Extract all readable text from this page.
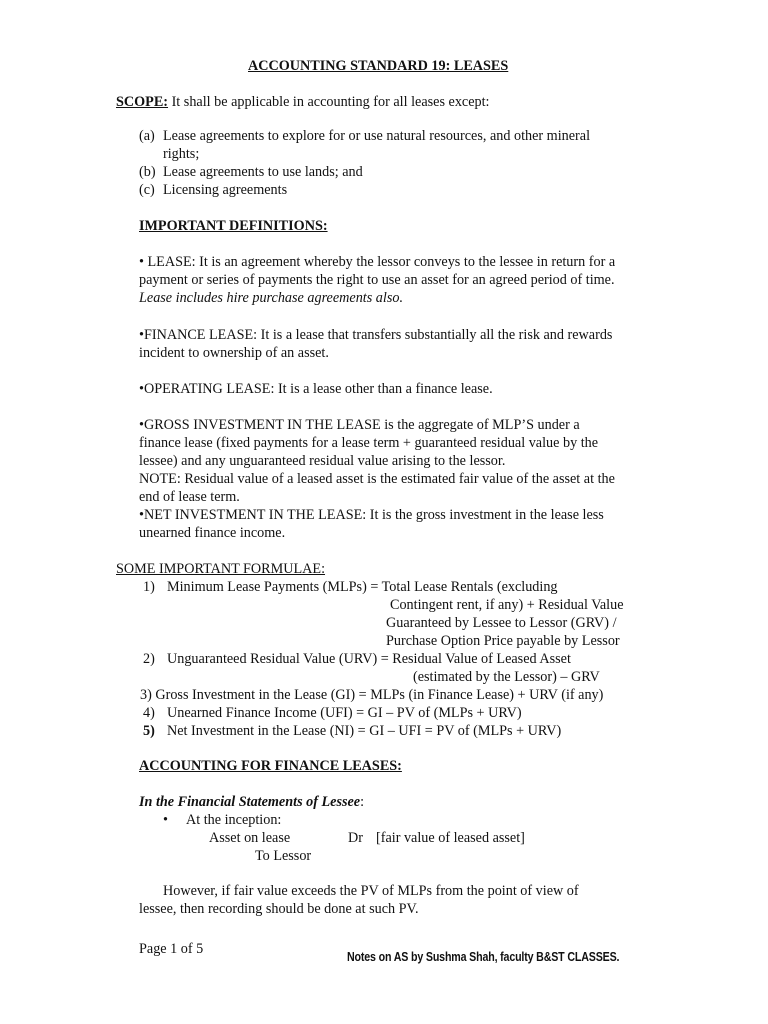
ACCOUNTING STANDARD 19: LEASES
SCOPE: It shall be applicable in accounting for all leases except:
(a) Lease agreements to explore for or use natural resources, and other mineral
rights;
(b) Lease agreements to use lands; and
(c) Licensing agreements
IMPORTANT DEFINITIONS:
• LEASE: It is an agreement whereby the lessor conveys to the lessee in return for a
payment or series of payments the right to use an asset for an agreed period of time.
Lease includes hire purchase agreements also.
•FINANCE LEASE: It is a lease that transfers substantially all the risk and rewards
incident to ownership of an asset.
•OPERATING LEASE: It is a lease other than a finance lease.
•GROSS INVESTMENT IN THE LEASE is the aggregate of MLP’S under a
finance lease (fixed payments for a lease term + guaranteed residual value by the
lessee) and any unguaranteed residual value arising to the lessor.
NOTE: Residual value of a leased asset is the estimated fair value of the asset at the
end of lease term.
•NET INVESTMENT IN THE LEASE: It is the gross investment in the lease less
unearned finance income.
SOME IMPORTANT FORMULAE:
1) Minimum Lease Payments (MLPs) = Total Lease Rentals (excluding
Contingent rent, if any) + Residual Value
Guaranteed by Lessee to Lessor (GRV) /
Purchase Option Price payable by Lessor
2) Unguaranteed Residual Value (URV) = Residual Value of Leased Asset
(estimated by the Lessor) – GRV
3) Gross Investment in the Lease (GI) = MLPs (in Finance Lease) + URV (if any)
4) Unearned Finance Income (UFI) = GI – PV of (MLPs + URV)
5) Net Investment in the Lease (NI) = GI – UFI = PV of (MLPs + URV)
ACCOUNTING FOR FINANCE LEASES:
In the Financial Statements of Lessee:
• At the inception:
Asset on lease	Dr [fair value of leased asset]
To Lessor
However, if fair value exceeds the PV of MLPs from the point of view of
lessee, then recording should be done at such PV.
Page 1 of 5	Notes on AS by Sushma Shah, faculty B&ST CLASSES.
